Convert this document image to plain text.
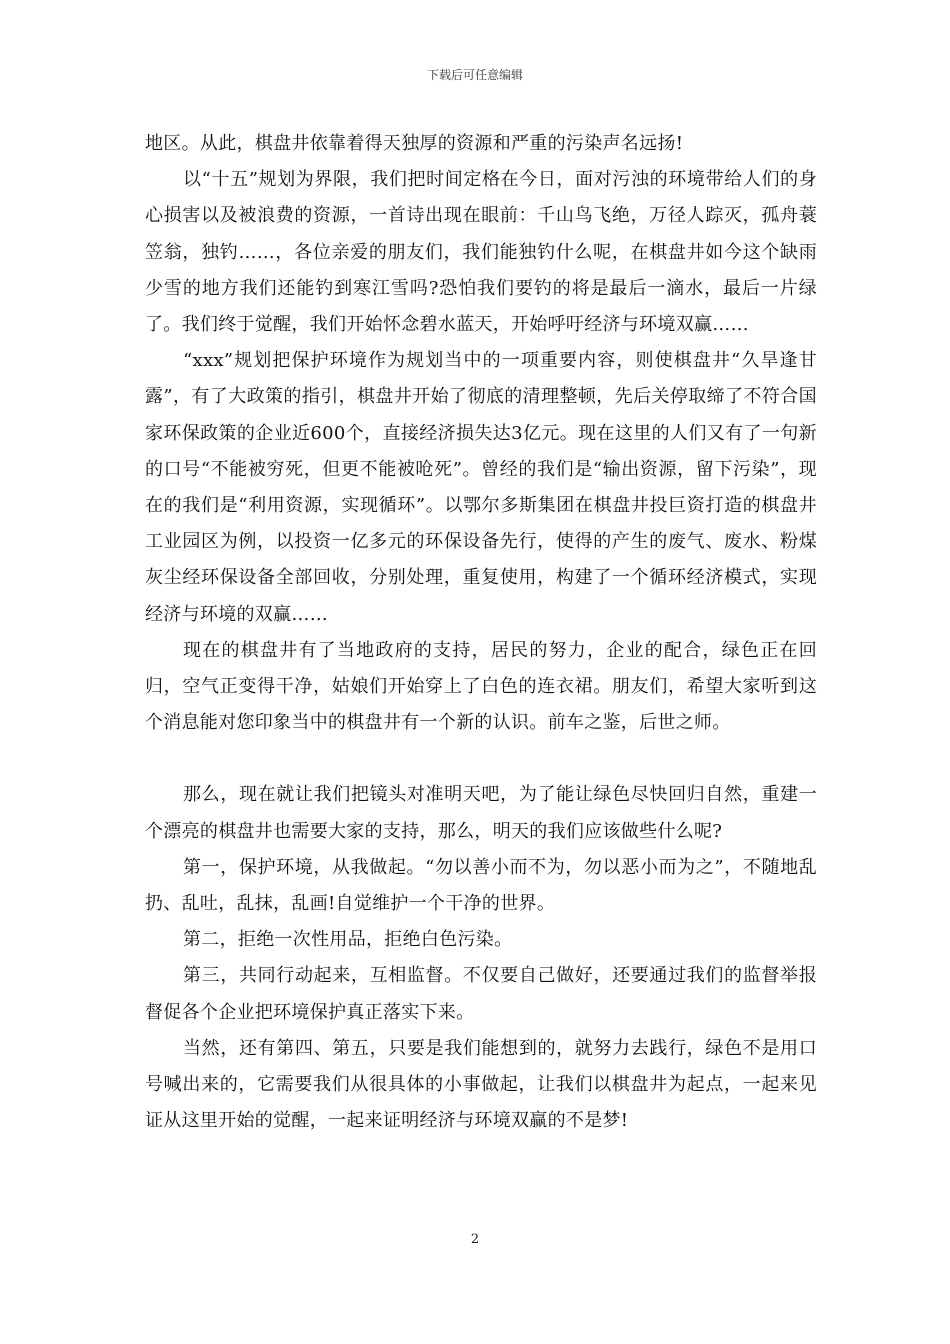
下载后可任意编辑

地区。从此，棋盘井依靠着得天独厚的资源和严重的污染声名远扬!

以“十五”规划为界限，我们把时间定格在今日，面对污浊的环境带给人们的身心损害以及被浪费的资源，一首诗出现在眼前：千山鸟飞绝，万径人踪灭，孤舟蓑笠翁，独钓……，各位亲爱的朋友们，我们能独钓什么呢，在棋盘井如今这个缺雨少雪的地方我们还能钓到寒江雪吗?恐怕我们要钓的将是最后一滴水，最后一片绿了。我们终于觉醒，我们开始怀念碧水蓝天，开始呼吁经济与环境双赢……

“xxx”规划把保护环境作为规划当中的一项重要内容，则使棋盘井“久旱逢甘露”，有了大政策的指引，棋盘井开始了彻底的清理整顿，先后关停取缔了不符合国家环保政策的企业近600个，直接经济损失达3亿元。现在这里的人们又有了一句新的口号“不能被穷死，但更不能被呛死”。曾经的我们是“输出资源，留下污染”，现在的我们是“利用资源，实现循环”。以鄂尔多斯集团在棋盘井投巨资打造的棋盘井工业园区为例，以投资一亿多元的环保设备先行，使得的产生的废气、废水、粉煤灰尘经环保设备全部回收，分别处理，重复使用，构建了一个循环经济模式，实现经济与环境的双赢……

现在的棋盘井有了当地政府的支持，居民的努力，企业的配合，绿色正在回归，空气正变得干净，姑娘们开始穿上了白色的连衣裙。朋友们，希望大家听到这个消息能对您印象当中的棋盘井有一个新的认识。前车之鉴，后世之师。

那么，现在就让我们把镜头对准明天吧，为了能让绿色尽快回归自然，重建一个漂亮的棋盘井也需要大家的支持，那么，明天的我们应该做些什么呢?

第一，保护环境，从我做起。“勿以善小而不为，勿以恶小而为之”，不随地乱扔、乱吐，乱抹，乱画!自觉维护一个干净的世界。

第二，拒绝一次性用品，拒绝白色污染。

第三，共同行动起来，互相监督。不仅要自己做好，还要通过我们的监督举报督促各个企业把环境保护真正落实下来。

当然，还有第四、第五，只要是我们能想到的，就努力去践行，绿色不是用口号喊出来的，它需要我们从很具体的小事做起，让我们以棋盘井为起点，一起来见证从这里开始的觉醒，一起来证明经济与环境双赢的不是梦!

2
